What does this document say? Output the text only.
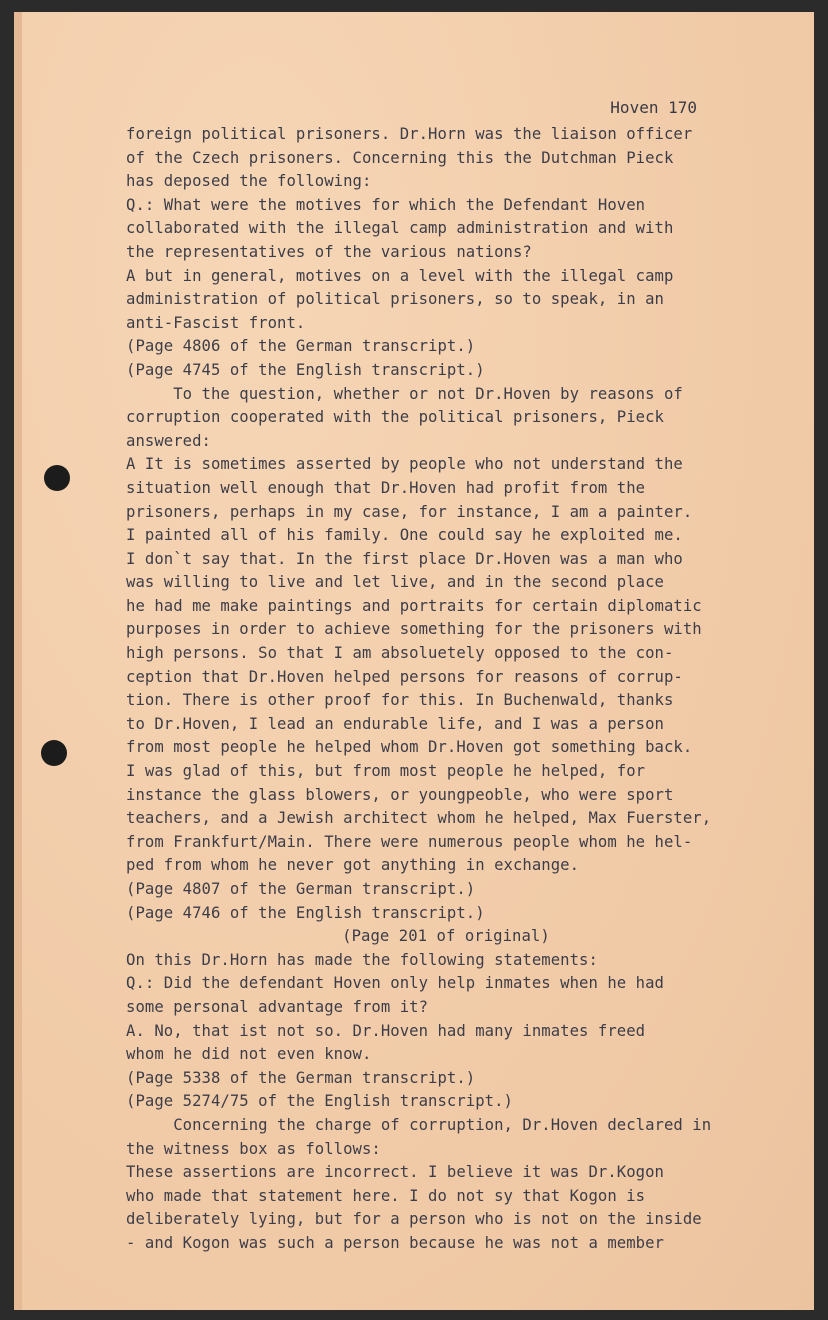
Hoven 170
foreign political prisoners. Dr.Horn was the liaison officer
of the Czech prisoners. Concerning this the Dutchman Pieck
has deposed the following:
Q.: What were the motives for which the Defendant Hoven
collaborated with the illegal camp administration and with
the representatives of the various nations?
A but in general, motives on a level with the illegal camp
administration of political prisoners, so to speak, in an
anti-Fascist front.
(Page 4806 of the German transcript.)
(Page 4745 of the English transcript.)
To the question, whether or not Dr.Hoven by reasons of
corruption cooperated with the political prisoners, Pieck
answered:
A It is sometimes asserted by people who not understand the
situation well enough that Dr.Hoven had profit from the
prisoners, perhaps in my case, for instance, I am a painter.
I painted all of his family. One could say he exploited me.
I don`t say that. In the first place Dr.Hoven was a man who
was willing to live and let live, and in the second place
he had me make paintings and portraits for certain diplomatic
purposes in order to achieve something for the prisoners with
high persons. So that I am absoluetely opposed to the con-
ception that Dr.Hoven helped persons for reasons of corrup-
tion. There is other proof for this. In Buchenwald, thanks
to Dr.Hoven, I lead an endurable life, and I was a person
from most people he helped whom Dr.Hoven got something back.
I was glad of this, but from most people he helped, for
instance the glass blowers, or youngpeoble, who were sport
teachers, and a Jewish architect whom he helped, Max Fuerster,
from Frankfurt/Main. There were numerous people whom he hel-
ped from whom he never got anything in exchange.
(Page 4807 of the German transcript.)
(Page 4746 of the English transcript.)
(Page 201 of original)
On this Dr.Horn has made the following statements:
Q.: Did the defendant Hoven only help inmates when he had
some personal advantage from it?
A. No, that ist not so. Dr.Hoven had many inmates freed
whom he did not even know.
(Page 5338 of the German transcript.)
(Page 5274/75 of the English transcript.)
Concerning the charge of corruption, Dr.Hoven declared in
the witness box as follows:
These assertions are incorrect. I believe it was Dr.Kogon
who made that statement here. I do not sy that Kogon is
deliberately lying, but for a person who is not on the inside
- and Kogon was such a person because he was not a member
